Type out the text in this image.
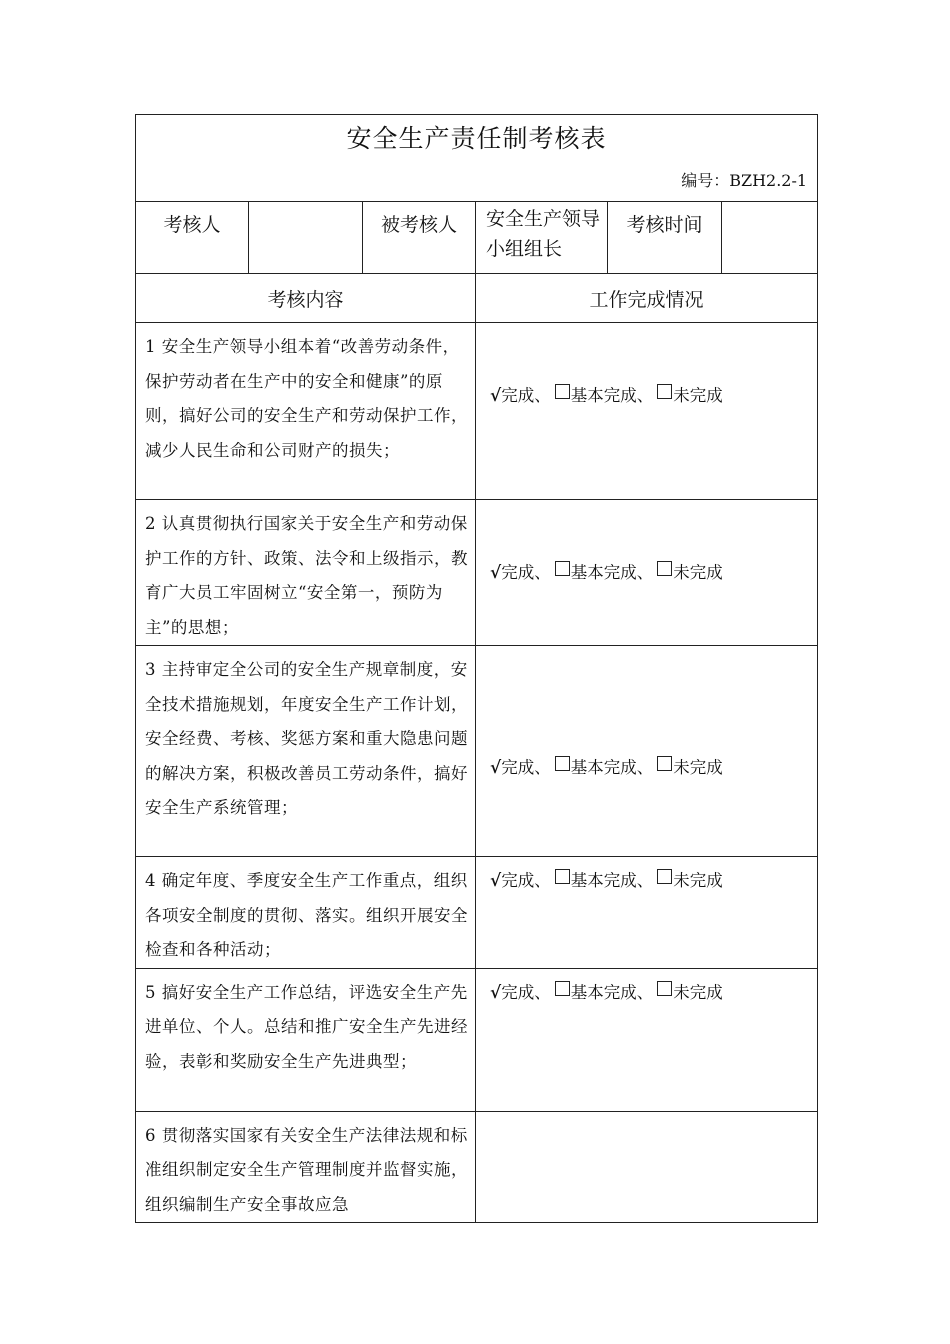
安全生产责任制考核表
编号：BZH2.2-1					

考核人		被考核人	安全生产领导小组组长	考核时间	
考核内容			工作完成情况		
1 安全生产领导小组本着“改善劳动条件，保护劳动者在生产中的安全和健康”的原则，搞好公司的安全生产和劳动保护工作，减少人民生命和公司财产的损失；			√完成、 基本完成、 未完成		
2 认真贯彻执行国家关于安全生产和劳动保护工作的方针、政策、法令和上级指示，教育广大员工牢固树立“安全第一，预防为主”的思想；			√完成、 基本完成、 未完成		
3 主持审定全公司的安全生产规章制度，安全技术措施规划，年度安全生产工作计划，安全经费、考核、奖惩方案和重大隐患问题的解决方案，积极改善员工劳动条件，搞好安全生产系统管理；			√完成、 基本完成、 未完成		
4 确定年度、季度安全生产工作重点，组织各项安全制度的贯彻、落实。组织开展安全检查和各种活动；			√完成、 基本完成、 未完成		
5 搞好安全生产工作总结，评选安全生产先进单位、个人。总结和推广安全生产先进经验，表彰和奖励安全生产先进典型；			√完成、 基本完成、 未完成		
6 贯彻落实国家有关安全生产法律法规和标准组织制定安全生产管理制度并监督实施，组织编制生产安全事故应急					
